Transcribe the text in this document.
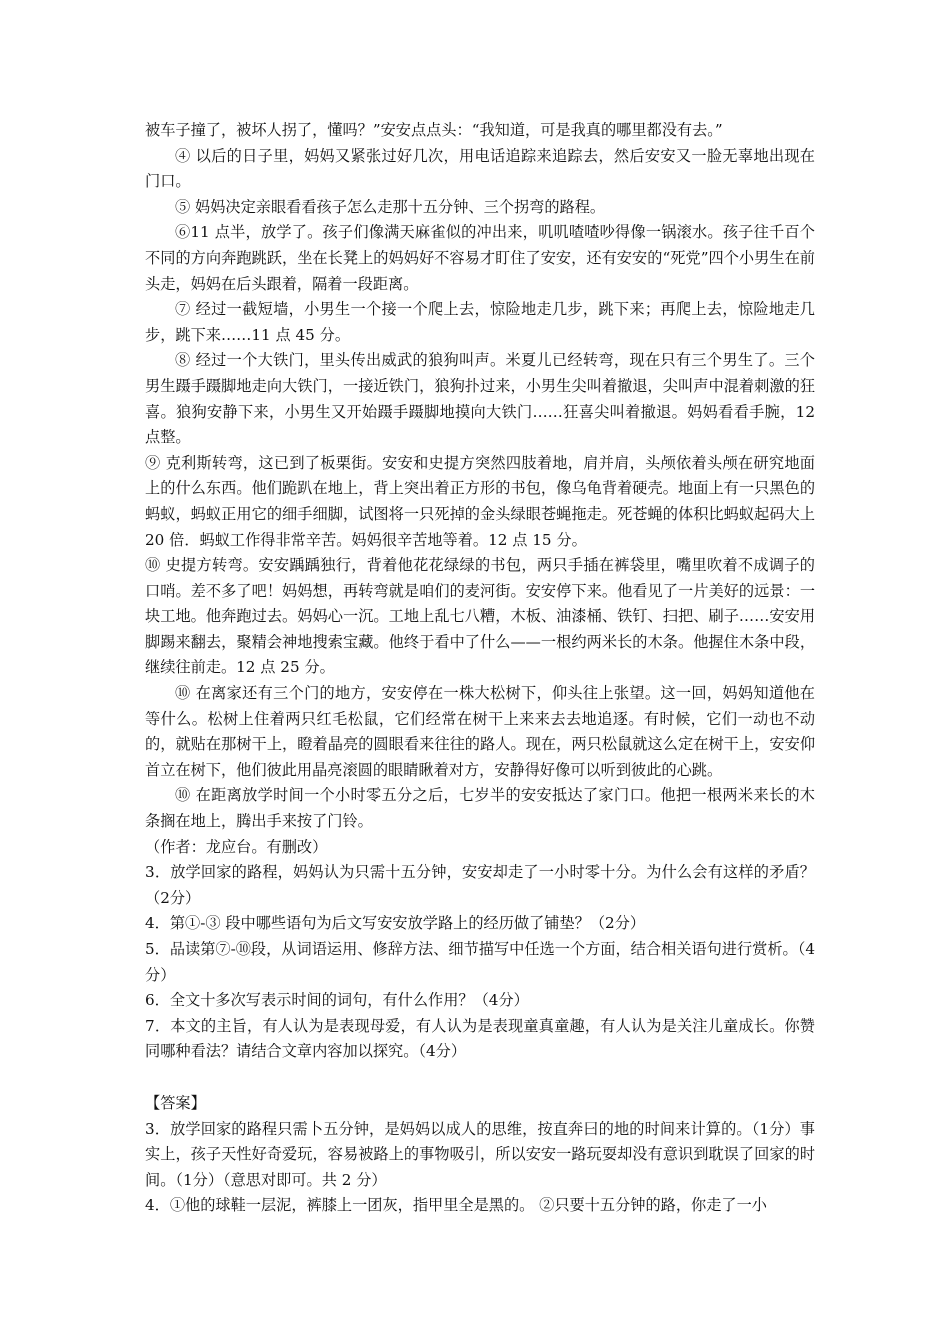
被车子撞了，被坏人拐了，懂吗？”安安点点头：“我知道，可是我真的哪里都没有去。”

④ 以后的日子里，妈妈又紧张过好几次，用电话追踪来追踪去，然后安安又一脸无辜地出现在门口。

⑤ 妈妈决定亲眼看看孩子怎么走那十五分钟、三个拐弯的路程。

⑥11 点半，放学了。孩子们像满天麻雀似的冲出来，叽叽喳喳吵得像一锅滚水。孩子往千百个不同的方向奔跑跳跃，坐在长凳上的妈妈好不容易才盯住了安安，还有安安的“死党”四个小男生在前头走，妈妈在后头跟着，隔着一段距离。

⑦ 经过一截短墙，小男生一个接一个爬上去，惊险地走几步，跳下来；再爬上去，惊险地走几步，跳下来……11 点 45 分。

⑧ 经过一个大铁门，里头传出威武的狼狗叫声。米夏儿已经转弯，现在只有三个男生了。三个男生蹑手蹑脚地走向大铁门，一接近铁门，狼狗扑过来，小男生尖叫着撤退，尖叫声中混着刺激的狂喜。狼狗安静下来，小男生又开始蹑手蹑脚地摸向大铁门……狂喜尖叫着撤退。妈妈看看手腕，12 点整。

⑨ 克利斯转弯，这已到了板栗街。安安和史提方突然四肢着地，肩并肩，头颅依着头颅在研究地面上的什么东西。他们跪趴在地上，背上突出着正方形的书包，像乌龟背着硬壳。地面上有一只黑色的蚂蚁，蚂蚁正用它的细手细脚，试图将一只死掉的金头绿眼苍蝇拖走。死苍蝇的体积比蚂蚁起码大上 20 倍．蚂蚁工作得非常辛苦。妈妈很辛苦地等着。12 点 15 分。

⑩ 史提方转弯。安安踽踽独行，背着他花花绿绿的书包，两只手插在裤袋里，嘴里吹着不成调子的口哨。差不多了吧！妈妈想，再转弯就是咱们的麦河街。安安停下来。他看见了一片美好的远景：一块工地。他奔跑过去。妈妈心一沉。工地上乱七八糟，木板、油漆桶、铁钉、扫把、刷子……安安用脚踢来翻去，聚精会神地搜索宝藏。他终于看中了什么——一根约两米长的木条。他握住木条中段，继续往前走。12 点 25 分。

⑩ 在离家还有三个门的地方，安安停在一株大松树下，仰头往上张望。这一回，妈妈知道他在等什么。松树上住着两只红毛松鼠，它们经常在树干上来来去去地追逐。有时候，它们一动也不动的，就贴在那树干上，瞪着晶亮的圆眼看来往往的路人。现在，两只松鼠就这么定在树干上，安安仰首立在树下，他们彼此用晶亮滚圆的眼睛瞅着对方，安静得好像可以听到彼此的心跳。

⑩ 在距离放学时间一个小时零五分之后，七岁半的安安抵达了家门口。他把一根两米来长的木条搁在地上，腾出手来按了门铃。

（作者：龙应台。有删改）

3．放学回家的路程，妈妈认为只需十五分钟，安安却走了一小时零十分。为什么会有这样的矛盾？（2分）

4．第①-③ 段中哪些语句为后文写安安放学路上的经历做了铺垫？（2分）

5．品读第⑦-⑩段，从词语运用、修辞方法、细节描写中任选一个方面，结合相关语句进行赏析。（4分）

6．全文十多次写表示时间的词句，有什么作用？（4分）

7．本文的主旨，有人认为是表现母爱，有人认为是表现童真童趣，有人认为是关注儿童成长。你赞同哪种看法？请结合文章内容加以探究。（4分）

【答案】

3．放学回家的路程只需卜五分钟，是妈妈以成人的思维，按直奔曰的地的时间来计算的。（1分）事实上，孩子天性好奇爱玩，容易被路上的事物吸引，所以安安一路玩耍却没有意识到耽误了回家的时间。（1分）（意思对即可。共 2 分）

4．①他的球鞋一层泥，裤膝上一团灰，指甲里全是黑的。 ②只要十五分钟的路，你走了一小
